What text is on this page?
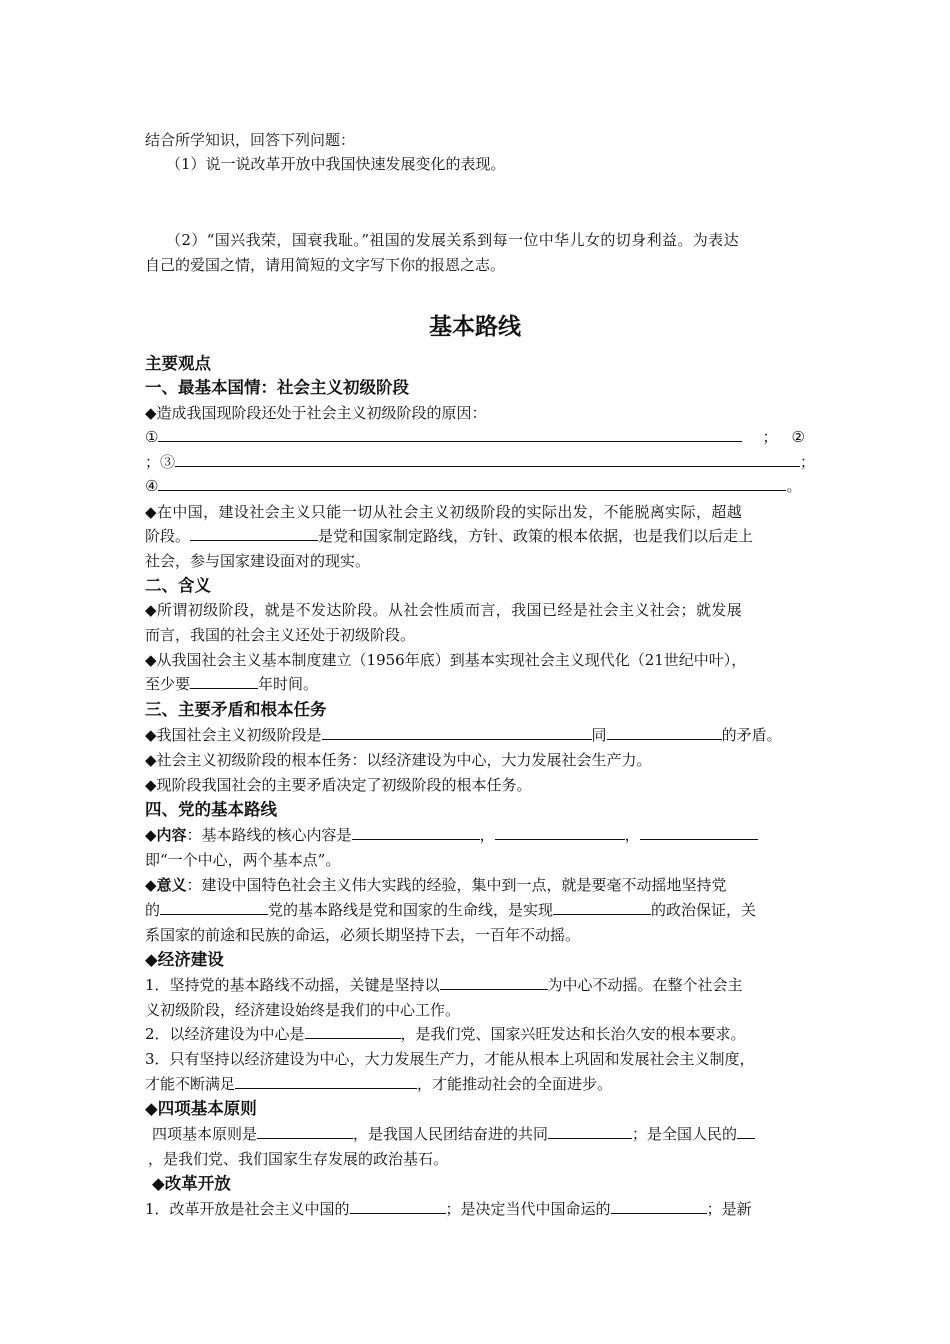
结合所学知识，回答下列问题：
（1）说一说改革开放中我国快速发展变化的表现。
（2）“国兴我荣，国衰我耻。”祖国的发展关系到每一位中华儿女的切身利益。为表达
自己的爱国之情，请用简短的文字写下你的报恩之志。
基本路线
主要观点
一、最基本国情：社会主义初级阶段
◆造成我国现阶段还处于社会主义初级阶段的原因：
①	； ②
；③	；
④	。
◆在中国，建设社会主义只能一切从社会主义初级阶段的实际出发，不能脱离实际，超越
阶段。	是党和国家制定路线，方针、政策的根本依据，也是我们以后走上
社会，参与国家建设面对的现实。
二、含义
◆所谓初级阶段，就是不发达阶段。从社会性质而言，我国已经是社会主义社会；就发展
而言，我国的社会主义还处于初级阶段。
◆从我国社会主义基本制度建立（1956年底）到基本实现社会主义现代化（21世纪中叶），
至少要	年时间。
三、主要矛盾和根本任务
◆我国社会主义初级阶段是	同	的矛盾。
◆社会主义初级阶段的根本任务：以经济建设为中心，大力发展社会生产力。
◆现阶段我国社会的主要矛盾决定了初级阶段的根本任务。
四、党的基本路线
◆内容：基本路线的核心内容是	，	，
即“一个中心，两个基本点”。
◆意义：建设中国特色社会主义伟大实践的经验，集中到一点，就是要毫不动摇地坚持党
的	党的基本路线是党和国家的生命线，是实现	的政治保证，关
系国家的前途和民族的命运，必须长期坚持下去，一百年不动摇。
◆经济建设
1．坚持党的基本路线不动摇，关键是坚持以	为中心不动摇。在整个社会主
义初级阶段，经济建设始终是我们的中心工作。
2．以经济建设为中心是	，是我们党、国家兴旺发达和长治久安的根本要求。
3．只有坚持以经济建设为中心，大力发展生产力，才能从根本上巩固和发展社会主义制度，
才能不断满足	，才能推动社会的全面进步。
◆四项基本原则
四项基本原则是	，是我国人民团结奋进的共同	；是全国人民的
，是我们党、我们国家生存发展的政治基石。
◆改革开放
1．改革开放是社会主义中国的	；是决定当代中国命运的	；是新
